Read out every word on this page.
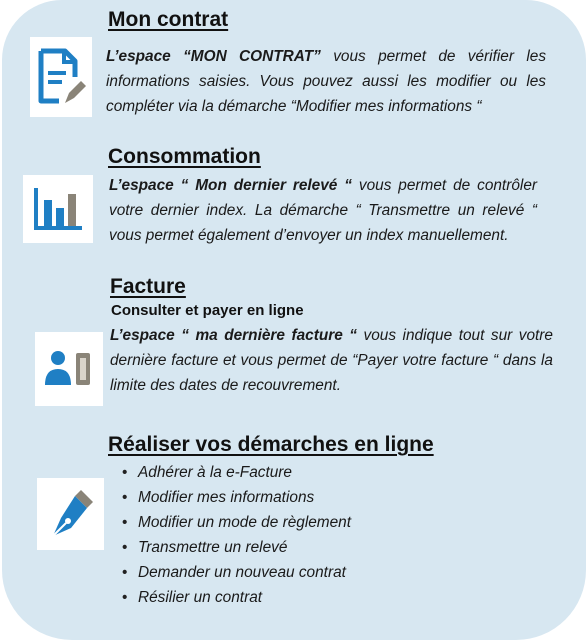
Mon contrat
L’espace “MON CONTRAT” vous permet de vérifier les informations saisies. Vous pouvez aussi les modifier ou les compléter via la démarche “Modifier mes informations “
Consommation
L’espace “ Mon dernier relevé “ vous permet de contrôler votre dernier index. La démarche “ Transmettre un relevé “ vous permet également d’envoyer un index manuellement.
Facture
Consulter et payer en ligne
L’espace “ ma dernière facture “ vous indique tout sur votre dernière facture et vous permet de “Payer votre facture “ dans la limite des dates de recouvrement.
Réaliser vos démarches en ligne
• Adhérer à la e-Facture
• Modifier mes informations
• Modifier un mode de règlement
• Transmettre un relevé
• Demander un nouveau contrat
• Résilier un contrat
